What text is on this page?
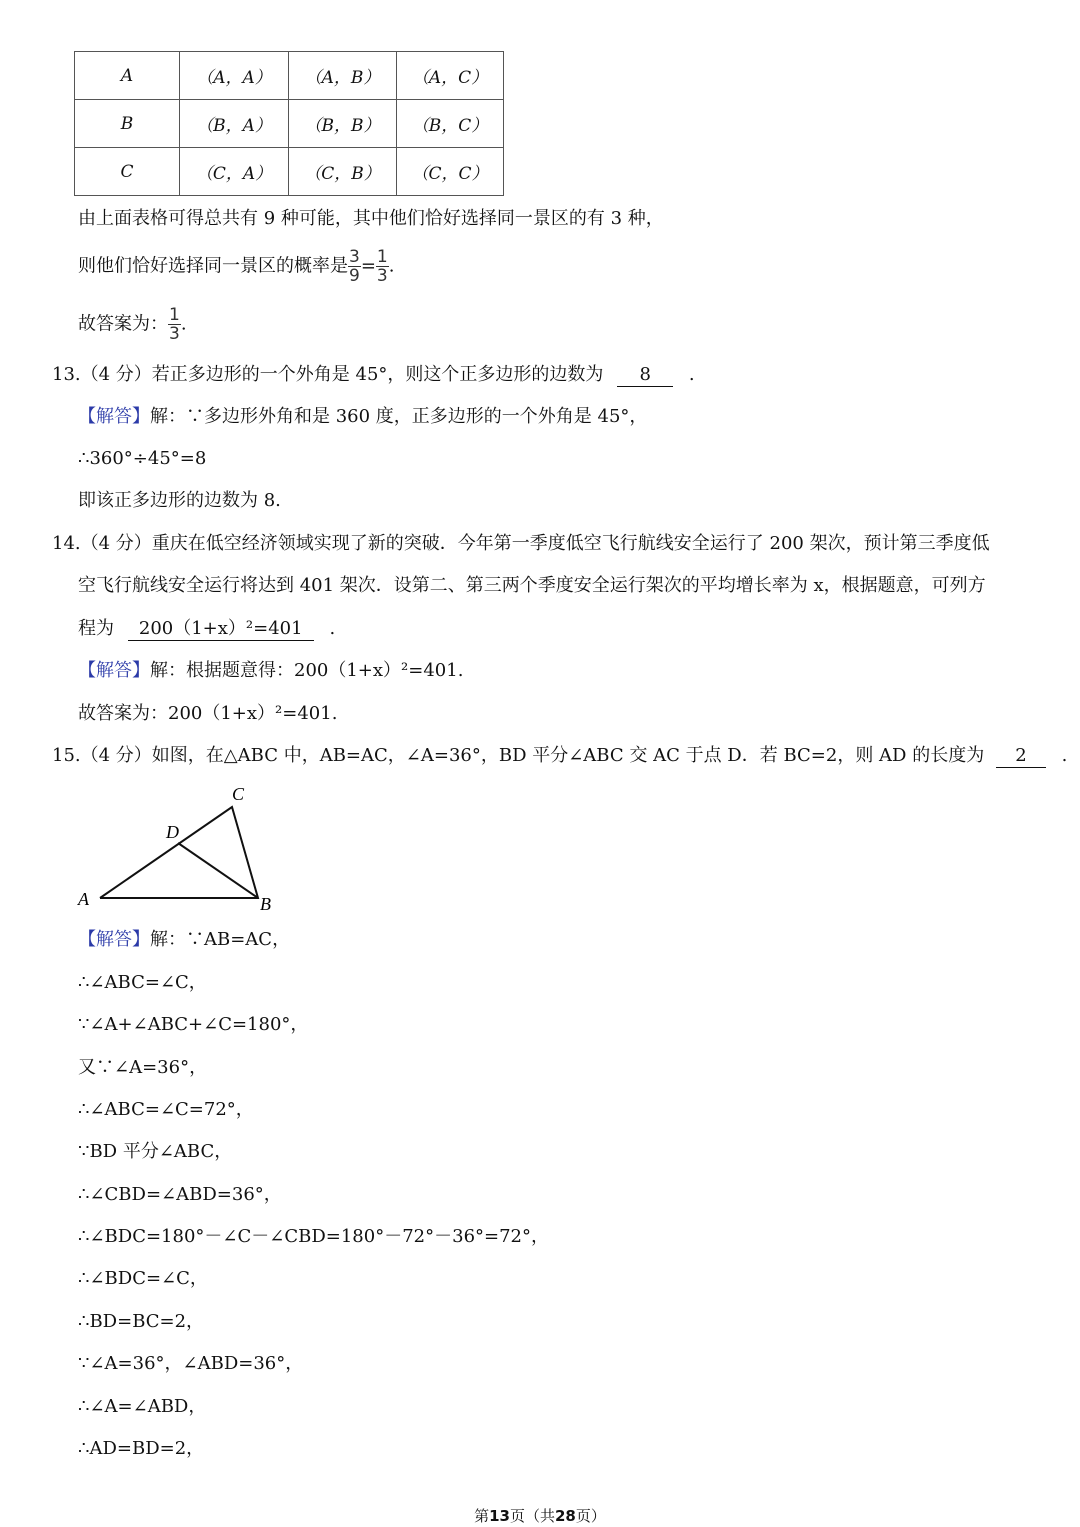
A	（A，A）	（A，B）	（A，C）
B	（B，A）	（B，B）	（B，C）
C	（C，A）	（C，B）	（C，C）
由上面表格可得总共有 9 种可能，其中他们恰好选择同一景区的有 3 种，
则他们恰好选择同一景区的概率是 $\frac{3}{9} = \frac{1}{3}$ .
故答案为： $\frac{1}{3}$ .
13.（4 分）若正多边形的一个外角是 45°，则这个正多边形的边数为 8 .
【解答】解：∵多边形外角和是 360 度，正多边形的一个外角是 45°，
∴360°÷45°=8
即该正多边形的边数为 8.
14.（4 分）重庆在低空经济领域实现了新的突破．今年第一季度低空飞行航线安全运行了 200 架次，预计第三季度低
空飞行航线安全运行将达到 401 架次．设第二、第三两个季度安全运行架次的平均增长率为 x，根据题意，可列方
程为 200（1+x）²=401 .
【解答】解：根据题意得：200（1+x）²=401.
故答案为：200（1+x）²=401.
15.（4 分）如图，在△ABC 中，AB=AC，∠A=36°，BD 平分∠ABC 交 AC 于点 D．若 BC=2，则 AD 的长度为 2 .
A	B
C
D
【解答】解：∵AB=AC，
∴∠ABC=∠C，
∵∠A+∠ABC+∠C=180°，
又∵∠A=36°，
∴∠ABC=∠C=72°，
∵BD 平分∠ABC，
∴∠CBD=∠ABD=36°，
∴∠BDC=180°－∠C－∠CBD=180°－72°－36°=72°，
∴∠BDC=∠C，
∴BD=BC=2，
∵∠A=36°，∠ABD=36°，
∴∠A=∠ABD，
∴AD=BD=2，
第13页（共28页）
